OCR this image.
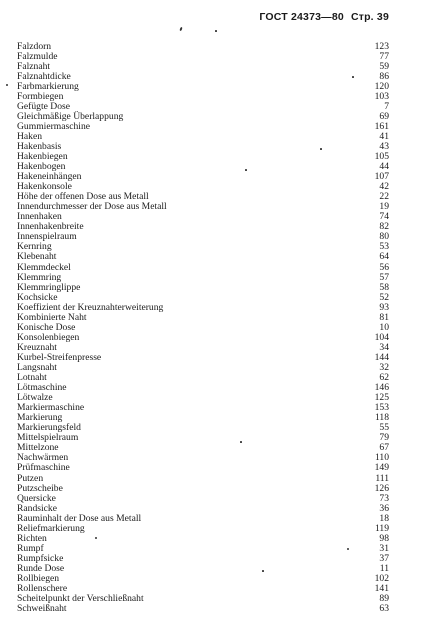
ГОСТ 24373—80 Стр. 39
Falzdorn	123
Falzmulde	77
Falznaht	59
Falznahtdicke	86
Farbmarkierung	120
Formbiegen	103
Gefügte Dose	7
Gleichmäßige Überlappung	69
Gummiermaschine	161
Haken	41
Hakenbasis	43
Hakenbiegen	105
Hakenbogen	44
Hakeneinhängen	107
Hakenkonsole	42
Höhe der offenen Dose aus Metall	22
Innendurchmesser der Dose aus Metall	19
Innenhaken	74
Innenhakenbreite	82
Innenspielraum	80
Kernring	53
Klebenaht	64
Klemmdeckel	56
Klemmring	57
Klemmringlippe	58
Kochsicke	52
Koeffizient der Kreuznahterweiterung	93
Kombinierte Naht	81
Konische Dose	10
Konsolenbiegen	104
Kreuznaht	34
Kurbel-Streifenpresse	144
Langsnaht	32
Lotnaht	62
Lötmaschine	146
Lötwalze	125
Markiermaschine	153
Markierung	118
Markierungsfeld	55
Mittelspielraum	79
Mittelzone	67
Nachwärmen	110
Prüfmaschine	149
Putzen	111
Putzscheibe	126
Quersicke	73
Randsicke	36
Rauminhalt der Dose aus Metall	18
Reliefmarkierung	119
Richten	98
Rumpf	31
Rumpfsicke	37
Runde Dose	11
Rollbiegen	102
Rollenschere	141
Scheitelpunkt der Verschließnaht	89
Schweißnaht	63
